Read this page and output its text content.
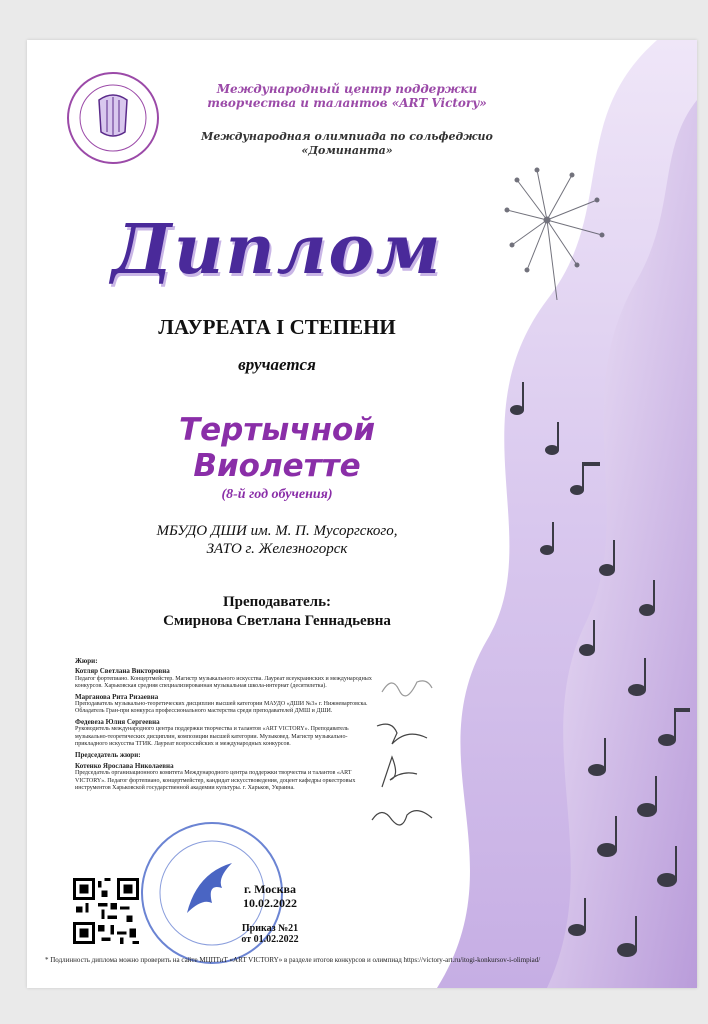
Международный центр поддержки
творчества и талантов «ART Victory»
Международная олимпиада по сольфеджио
«Доминанта»
Диплом
ЛАУРЕАТА I СТЕПЕНИ
вручается
Тертычной
Виолетте
(8-й год обучения)
МБУДО ДШИ им. М. П. Мусоргского,
ЗАТО г. Железногорск
Преподаватель:
Смирнова Светлана Геннадьевна
Жюри:
Котляр Светлана Викторовна
Педагог фортепиано. Концертмейстер. Магистр музыкального искусства. Лауреат всеукраинских и международных конкурсов. Харьковская средняя специализированная музыкальная школа-интернат (десятилетка).
Марганова Рита Ризаевна
Преподаватель музыкально-теоретических дисциплин высшей категории МАУДО «ДШИ №3» г. Нижневартовска. Обладатель Гран-при конкурса профессионального мастерства среди преподавателей ДМШ и ДШИ.
Федевеза Юлия Сергеевна
Руководитель международного центра поддержки творчества и талантов «ART VICTORY». Преподаватель музыкально-теоретических дисциплин, композиции высшей категории. Музыковед. Магистр музыкально-прикладного искусства ТГИК. Лауреат всероссийских и международных конкурсов.
Председатель жюри:
Котенко Ярослава Николаевна
Председатель организационного комитета Международного центра поддержки творчества и талантов «ART VICTORY». Педагог фортепиано, концертмейстер, кандидат искусствоведения, доцент кафедры оркестровых инструментов Харьковской государственной академии культуры. г. Харьков, Украина.
г. Москва
10.02.2022
Приказ №21
от 01.02.2022
* Подлинность диплома можно проверить на сайте МЦПТиТ «ART VICTORY» в разделе итогов конкурсов и олимпиад https://victory-art.ru/itogi-konkursov-i-olimpiad/
